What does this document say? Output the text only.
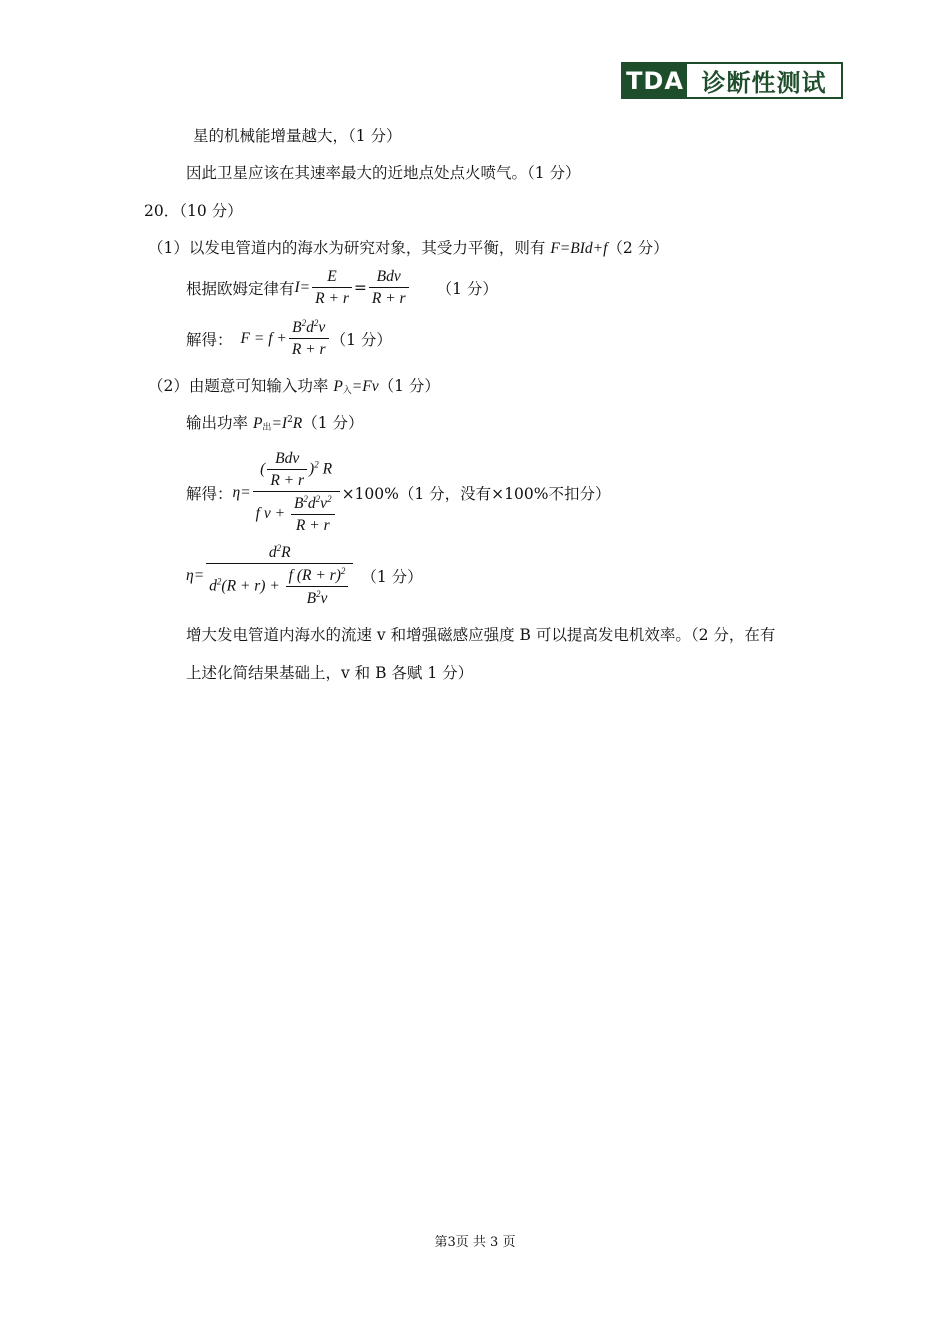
TDA 诊断性测试
星的机械能增量越大，（1 分）
因此卫星应该在其速率最大的近地点处点火喷气。（1 分）
20．（10 分）
（1）以发电管道内的海水为研究对象，其受力平衡，则有 F=BId+f（2 分）
根据欧姆定律有 $I= \frac{E}{R + r} = \frac{\text{Bdv}}{R + r} (1$ 分）
解得： $F = f + \frac{B^2d^2v}{R + r} (1$ 分）
（2）由题意可知输入功率 $P_入=Fv(1$ 分）
输出功率 $P_出=I^2R(1$ 分）
解得： $\eta= \frac{( \frac{\text{Bdv}}{R + r} )^2 R}{f v + \frac{B^2d^2v^2}{R + r}} \times 100\%(1$ 分，没有×100%不扣分）
$\eta= \frac{d^2R}{d^2(R + r) + \frac{f (R + r)^2}{B^2v}} (1$ 分）
增大发电管道内海水的流速 v 和增强磁感应强度 B 可以提高发电机效率。（2 分，在有
上述化简结果基础上，v 和 B 各赋 1 分）
第3页 共 3 页
